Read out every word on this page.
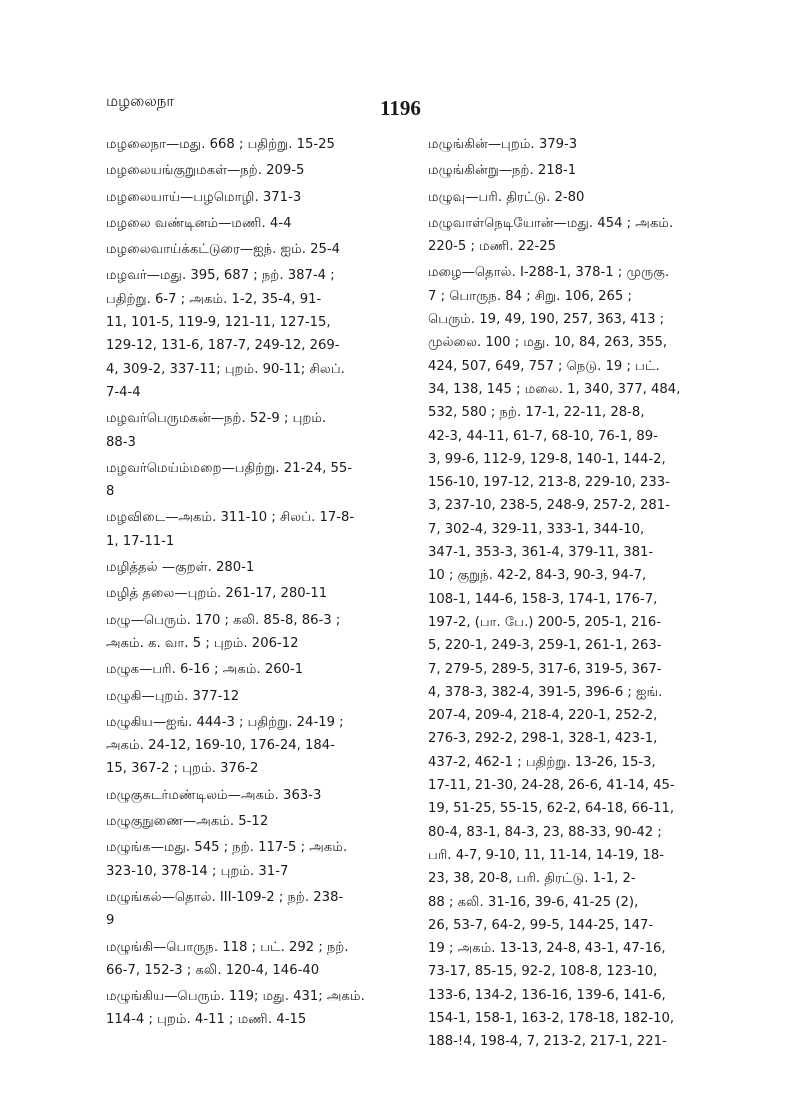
மழலைநா	1196
மழலைநா—மது. 668 ; பதிற்று. 15-25
மழலையங்குறுமகள்—நற். 209-5
மழலையாய்—பழமொழி. 371-3
மழலை வண்டினம்—மணி. 4-4
மழலைவாய்க்கட்டுரை—ஐந். ஐம். 25-4
மழவர்—மது. 395, 687 ; நற். 387-4 ;
பதிற்று. 6-7 ; அகம். 1-2, 35-4, 91-
11, 101-5, 119-9, 121-11, 127-15,
129-12, 131-6, 187-7, 249-12, 269-
4, 309-2, 337-11; புறம். 90-11; சிலப்.
7-4-4
மழவர்பெருமகன்—நற். 52-9 ; புறம்.
88-3
மழவர்மெய்ம்மறை—பதிற்று. 21-24, 55-
8
மழவிடை—அகம். 311-10 ; சிலப். 17-8-
1, 17-11-1
மழித்தல் —குறள். 280-1
மழித் தலை—புறம். 261-17, 280-11
மழு—பெரும். 170 ; கலி. 85-8, 86-3 ;
அகம். க. வா. 5 ; புறம். 206-12
மழுக—பரி. 6-16 ; அகம். 260-1
மழுகி—புறம். 377-12
மழுகிய—ஐங். 444-3 ; பதிற்று. 24-19 ;
அகம். 24-12, 169-10, 176-24, 184-
15, 367-2 ; புறம். 376-2
மழுகுசுடர்மண்டிலம்—அகம். 363-3
மழுகுநுணை—அகம். 5-12
மழுங்க—மது. 545 ; நற். 117-5 ; அகம்.
323-10, 378-14 ; புறம். 31-7
மழுங்கல்—தொல். III-109-2 ; நற். 238-
9
மழுங்கி—பொருந. 118 ; பட். 292 ; நற்.
66-7, 152-3 ; கலி. 120-4, 146-40
மழுங்கிய—பெரும். 119; மது. 431; அகம்.
114-4 ; புறம். 4-11 ; மணி. 4-15
மழுங்கின்—புறம். 379-3
மழுங்கின்று—நற். 218-1
மழுவு—பரி. திரட்டு. 2-80
மழுவாள்நெடியோன்—மது. 454 ; அகம்.
220-5 ; மணி. 22-25
மழை—தொல். I-288-1, 378-1 ; முருகு.
7 ; பொருந. 84 ; சிறு. 106, 265 ;
பெரும். 19, 49, 190, 257, 363, 413 ;
முல்லை. 100 ; மது. 10, 84, 263, 355,
424, 507, 649, 757 ; நெடு. 19 ; பட்.
34, 138, 145 ; மலை. 1, 340, 377, 484,
532, 580 ; நற். 17-1, 22-11, 28-8,
42-3, 44-11, 61-7, 68-10, 76-1, 89-
3, 99-6, 112-9, 129-8, 140-1, 144-2,
156-10, 197-12, 213-8, 229-10, 233-
3, 237-10, 238-5, 248-9, 257-2, 281-
7, 302-4, 329-11, 333-1, 344-10,
347-1, 353-3, 361-4, 379-11, 381-
10 ; குறுந். 42-2, 84-3, 90-3, 94-7,
108-1, 144-6, 158-3, 174-1, 176-7,
197-2, (பா. பே.) 200-5, 205-1, 216-
5, 220-1, 249-3, 259-1, 261-1, 263-
7, 279-5, 289-5, 317-6, 319-5, 367-
4, 378-3, 382-4, 391-5, 396-6 ; ஐங்.
207-4, 209-4, 218-4, 220-1, 252-2,
276-3, 292-2, 298-1, 328-1, 423-1,
437-2, 462-1 ; பதிற்று. 13-26, 15-3,
17-11, 21-30, 24-28, 26-6, 41-14, 45-
19, 51-25, 55-15, 62-2, 64-18, 66-11,
80-4, 83-1, 84-3, 23, 88-33, 90-42 ;
பரி. 4-7, 9-10, 11, 11-14, 14-19, 18-
23, 38, 20-8, பரி. திரட்டு. 1-1, 2-
88 ; கலி. 31-16, 39-6, 41-25 (2),
26, 53-7, 64-2, 99-5, 144-25, 147-
19 ; அகம். 13-13, 24-8, 43-1, 47-16,
73-17, 85-15, 92-2, 108-8, 123-10,
133-6, 134-2, 136-16, 139-6, 141-6,
154-1, 158-1, 163-2, 178-18, 182-10,
188-!4, 198-4, 7, 213-2, 217-1, 221-
